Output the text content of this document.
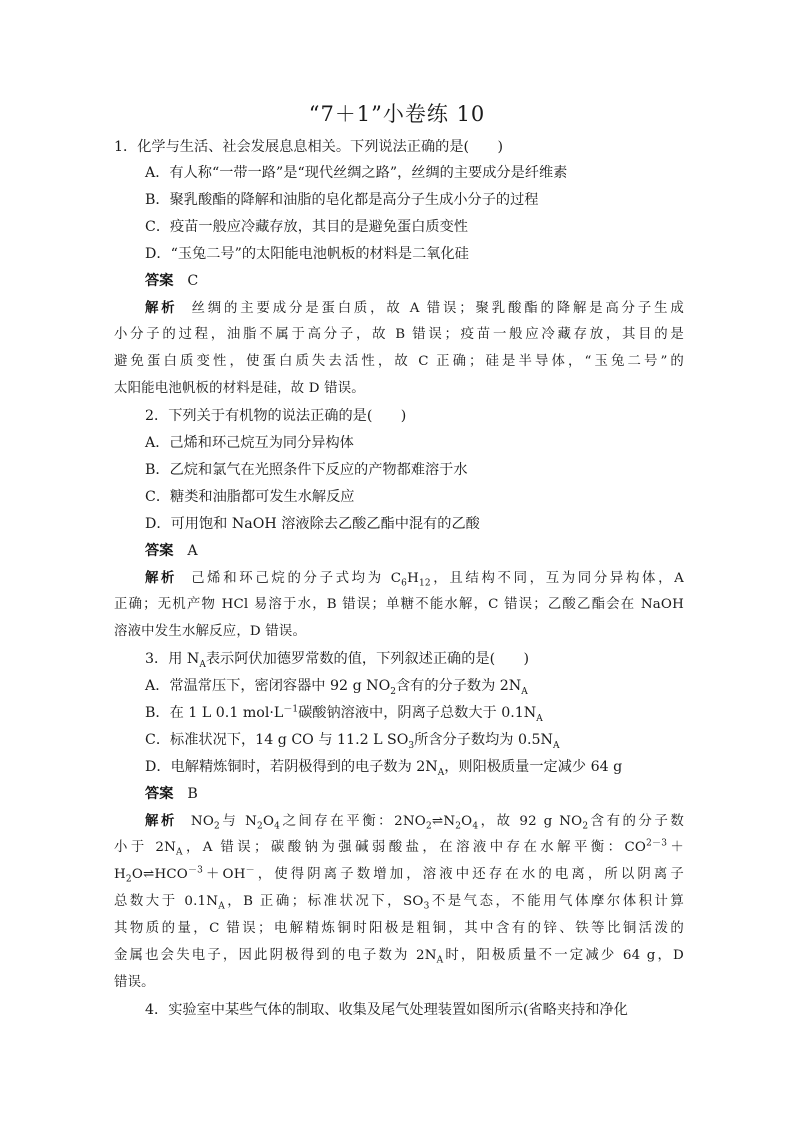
“7＋1”小卷练 10
1．化学与生活、社会发展息息相关。下列说法正确的是(　　)
A．有人称“一带一路”是“现代丝绸之路”，丝绸的主要成分是纤维素
B．聚乳酸酯的降解和油脂的皂化都是高分子生成小分子的过程
C．疫苗一般应冷藏存放，其目的是避免蛋白质变性
D．“玉兔二号”的太阳能电池帆板的材料是二氧化硅
答案 C
解析 丝绸的主要成分是蛋白质，故 A 错误；聚乳酸酯的降解是高分子生成
小分子的过程，油脂不属于高分子，故 B 错误；疫苗一般应冷藏存放，其目的是
避免蛋白质变性，使蛋白质失去活性，故 C 正确；硅是半导体，“玉兔二号”的
太阳能电池帆板的材料是硅，故 D 错误。
2．下列关于有机物的说法正确的是(　　)
A．己烯和环己烷互为同分异构体
B．乙烷和氯气在光照条件下反应的产物都难溶于水
C．糖类和油脂都可发生水解反应
D．可用饱和 NaOH 溶液除去乙酸乙酯中混有的乙酸
答案 A
解析 己烯和环己烷的分子式均为 $C_6H_{12}$，且结构不同，互为同分异构体，A
正确；无机产物 HCl 易溶于水，B 错误；单糖不能水解，C 错误；乙酸乙酯会在 NaOH
溶液中发生水解反应，D 错误。
3．用 $N_A$表示阿伏加德罗常数的值，下列叙述正确的是(　　)
A．常温常压下，密闭容器中 92 g $NO_2$含有的分子数为 $2N_A$
B．在 1 L 0.1 $mol\cdot L^{-1}$碳酸钠溶液中，阴离子总数大于 $0.1N_A$
C．标准状况下，14 g CO 与 11.2 L $SO_3$所含分子数均为 $0.5N_A$
D．电解精炼铜时，若阴极得到的电子数为 $2N_A$，则阳极质量一定减少 64 g
答案 B
解析 $NO_2$与 $N_2O_4$之间存在平衡：$2NO_2\rightleftharpoons N_2O_4$，故 92 g $NO_2$含有的分子数
小于 $2N_A$，A 错误；碳酸钠为强碱弱酸盐，在溶液中存在水解平衡：$CO^{2-3}+$
$H_2O\rightleftharpoons HCO^{-3}+OH^-$，使得阴离子数增加，溶液中还存在水的电离，所以阴离子
总数大于 $0.1N_A$，B 正确；标准状况下，$SO_3$不是气态，不能用气体摩尔体积计算
其物质的量，C 错误；电解精炼铜时阳极是粗铜，其中含有的锌、铁等比铜活泼的
金属也会失电子，因此阴极得到的电子数为 $2N_A$时，阳极质量不一定减少 64 g，D
错误。
4．实验室中某些气体的制取、收集及尾气处理装置如图所示(省略夹持和净化
